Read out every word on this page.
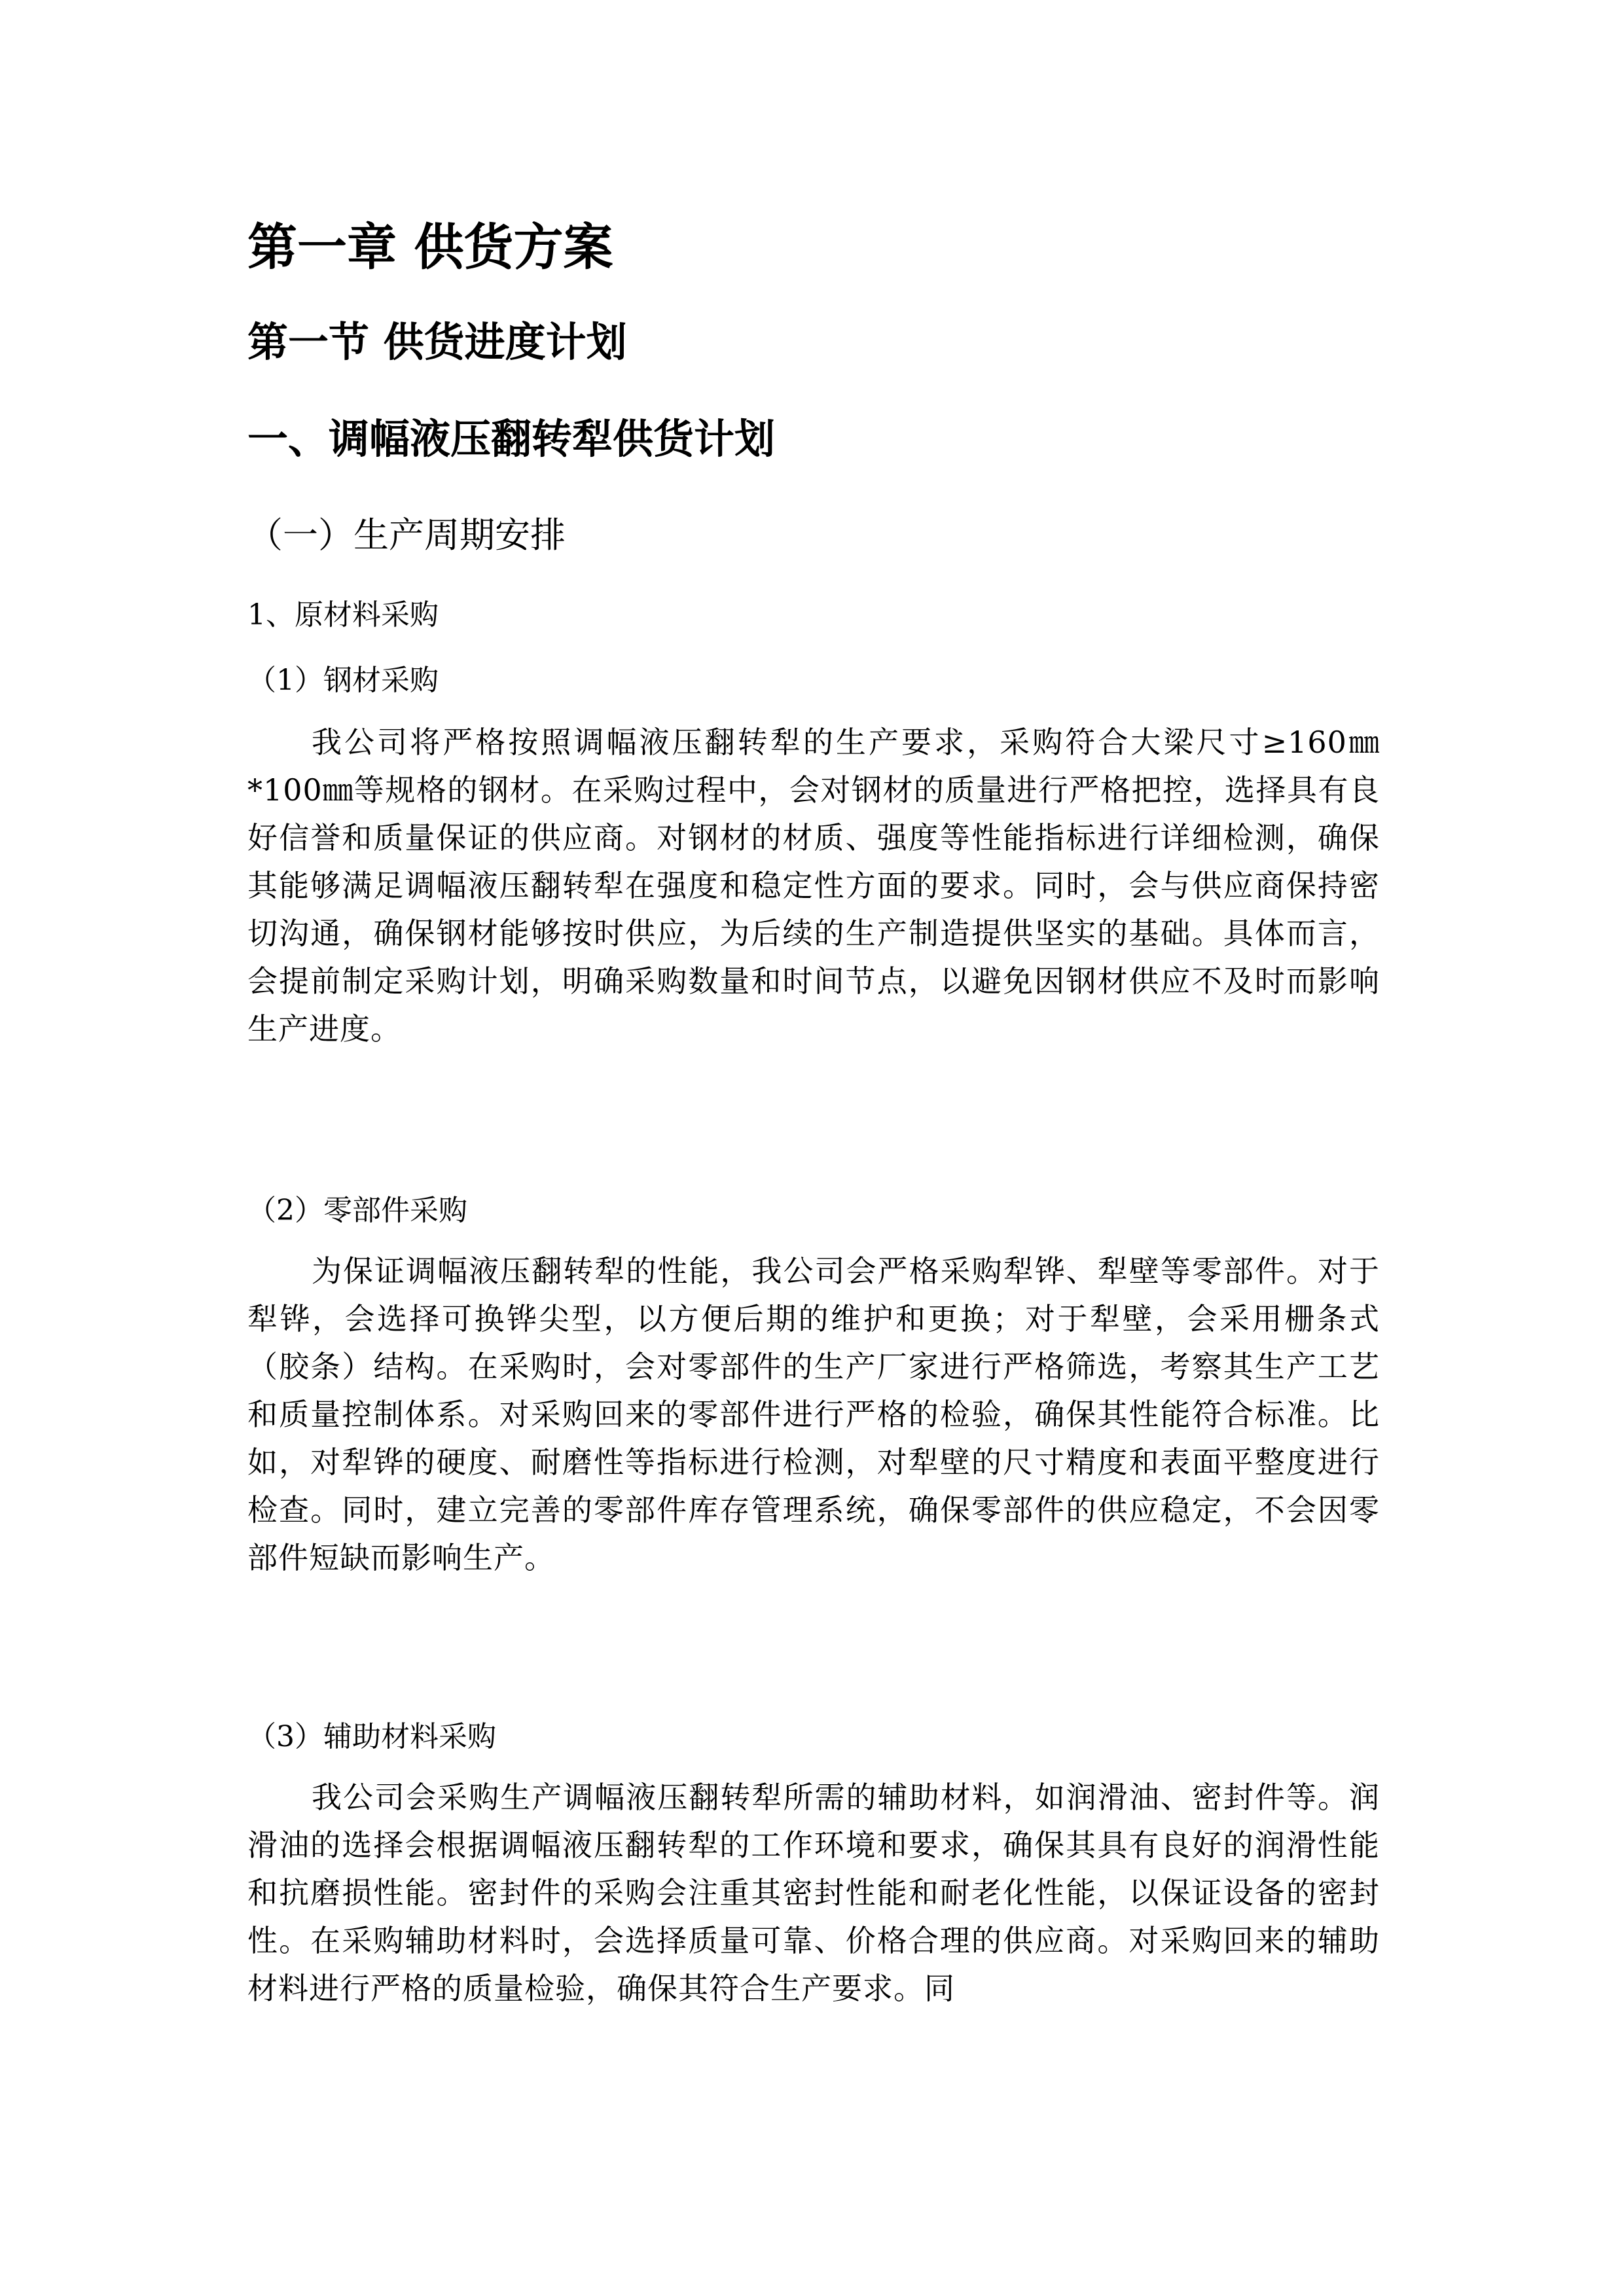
第一章 供货方案
第一节 供货进度计划
一、调幅液压翻转犁供货计划
（一）生产周期安排
1、原材料采购
（1）钢材采购

我公司将严格按照调幅液压翻转犁的生产要求，采购符合大梁尺寸≥160㎜*100㎜等规格的钢材。在采购过程中，会对钢材的质量进行严格把控，选择具有良好信誉和质量保证的供应商。对钢材的材质、强度等性能指标进行详细检测，确保其能够满足调幅液压翻转犁在强度和稳定性方面的要求。同时，会与供应商保持密切沟通，确保钢材能够按时供应，为后续的生产制造提供坚实的基础。具体而言，会提前制定采购计划，明确采购数量和时间节点，以避免因钢材供应不及时而影响生产进度。

（2）零部件采购

为保证调幅液压翻转犁的性能，我公司会严格采购犁铧、犁壁等零部件。对于犁铧，会选择可换铧尖型，以方便后期的维护和更换；对于犁壁，会采用栅条式（胶条）结构。在采购时，会对零部件的生产厂家进行严格筛选，考察其生产工艺和质量控制体系。对采购回来的零部件进行严格的检验，确保其性能符合标准。比如，对犁铧的硬度、耐磨性等指标进行检测，对犁壁的尺寸精度和表面平整度进行检查。同时，建立完善的零部件库存管理系统，确保零部件的供应稳定，不会因零部件短缺而影响生产。

（3）辅助材料采购

我公司会采购生产调幅液压翻转犁所需的辅助材料，如润滑油、密封件等。润滑油的选择会根据调幅液压翻转犁的工作环境和要求，确保其具有良好的润滑性能和抗磨损性能。密封件的采购会注重其密封性能和耐老化性能，以保证设备的密封性。在采购辅助材料时，会选择质量可靠、价格合理的供应商。对采购回来的辅助材料进行严格的质量检验，确保其符合生产要求。同
